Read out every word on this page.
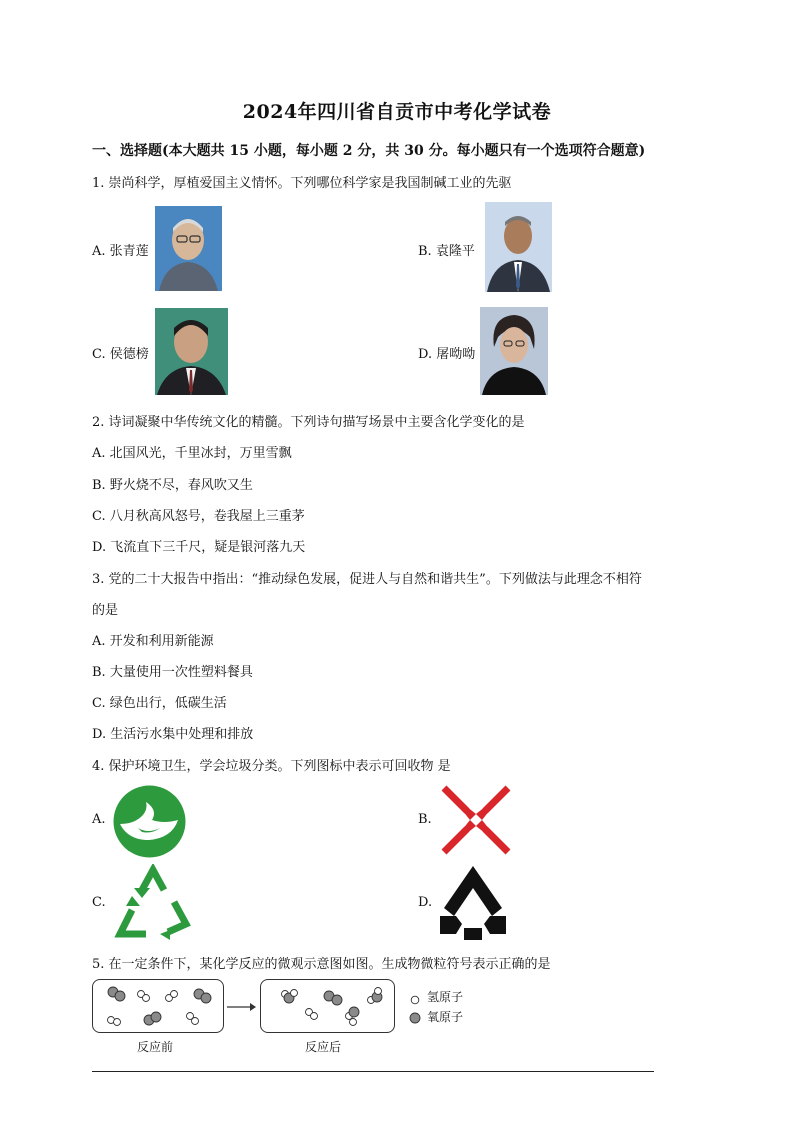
2024年四川省自贡市中考化学试卷
一、选择题(本大题共 15 小题，每小题 2 分，共 30 分。每小题只有一个选项符合题意)
1. 崇尚科学，厚植爱国主义情怀。下列哪位科学家是我国制碱工业的先驱
A. 张青莲	B. 袁隆平
C. 侯德榜	D. 屠呦呦
2. 诗词凝聚中华传统文化的精髓。下列诗句描写场景中主要含化学变化的是
A. 北国风光，千里冰封，万里雪飘
B. 野火烧不尽，春风吹又生
C. 八月秋高风怒号，卷我屋上三重茅
D. 飞流直下三千尺，疑是银河落九天
3. 党的二十大报告中指出：“推动绿色发展，促进人与自然和谐共生”。下列做法与此理念不相符
的是
A. 开发和利用新能源
B. 大量使用一次性塑料餐具
C. 绿色出行，低碳生活
D. 生活污水集中处理和排放
4. 保护环境卫生，学会垃圾分类。下列图标中表示可回收物 是
A.	B.
C.	D.
5. 在一定条件下，某化学反应的微观示意图如图。生成物微粒符号表示正确的是
氢原子
氧原子
反应前	反应后
